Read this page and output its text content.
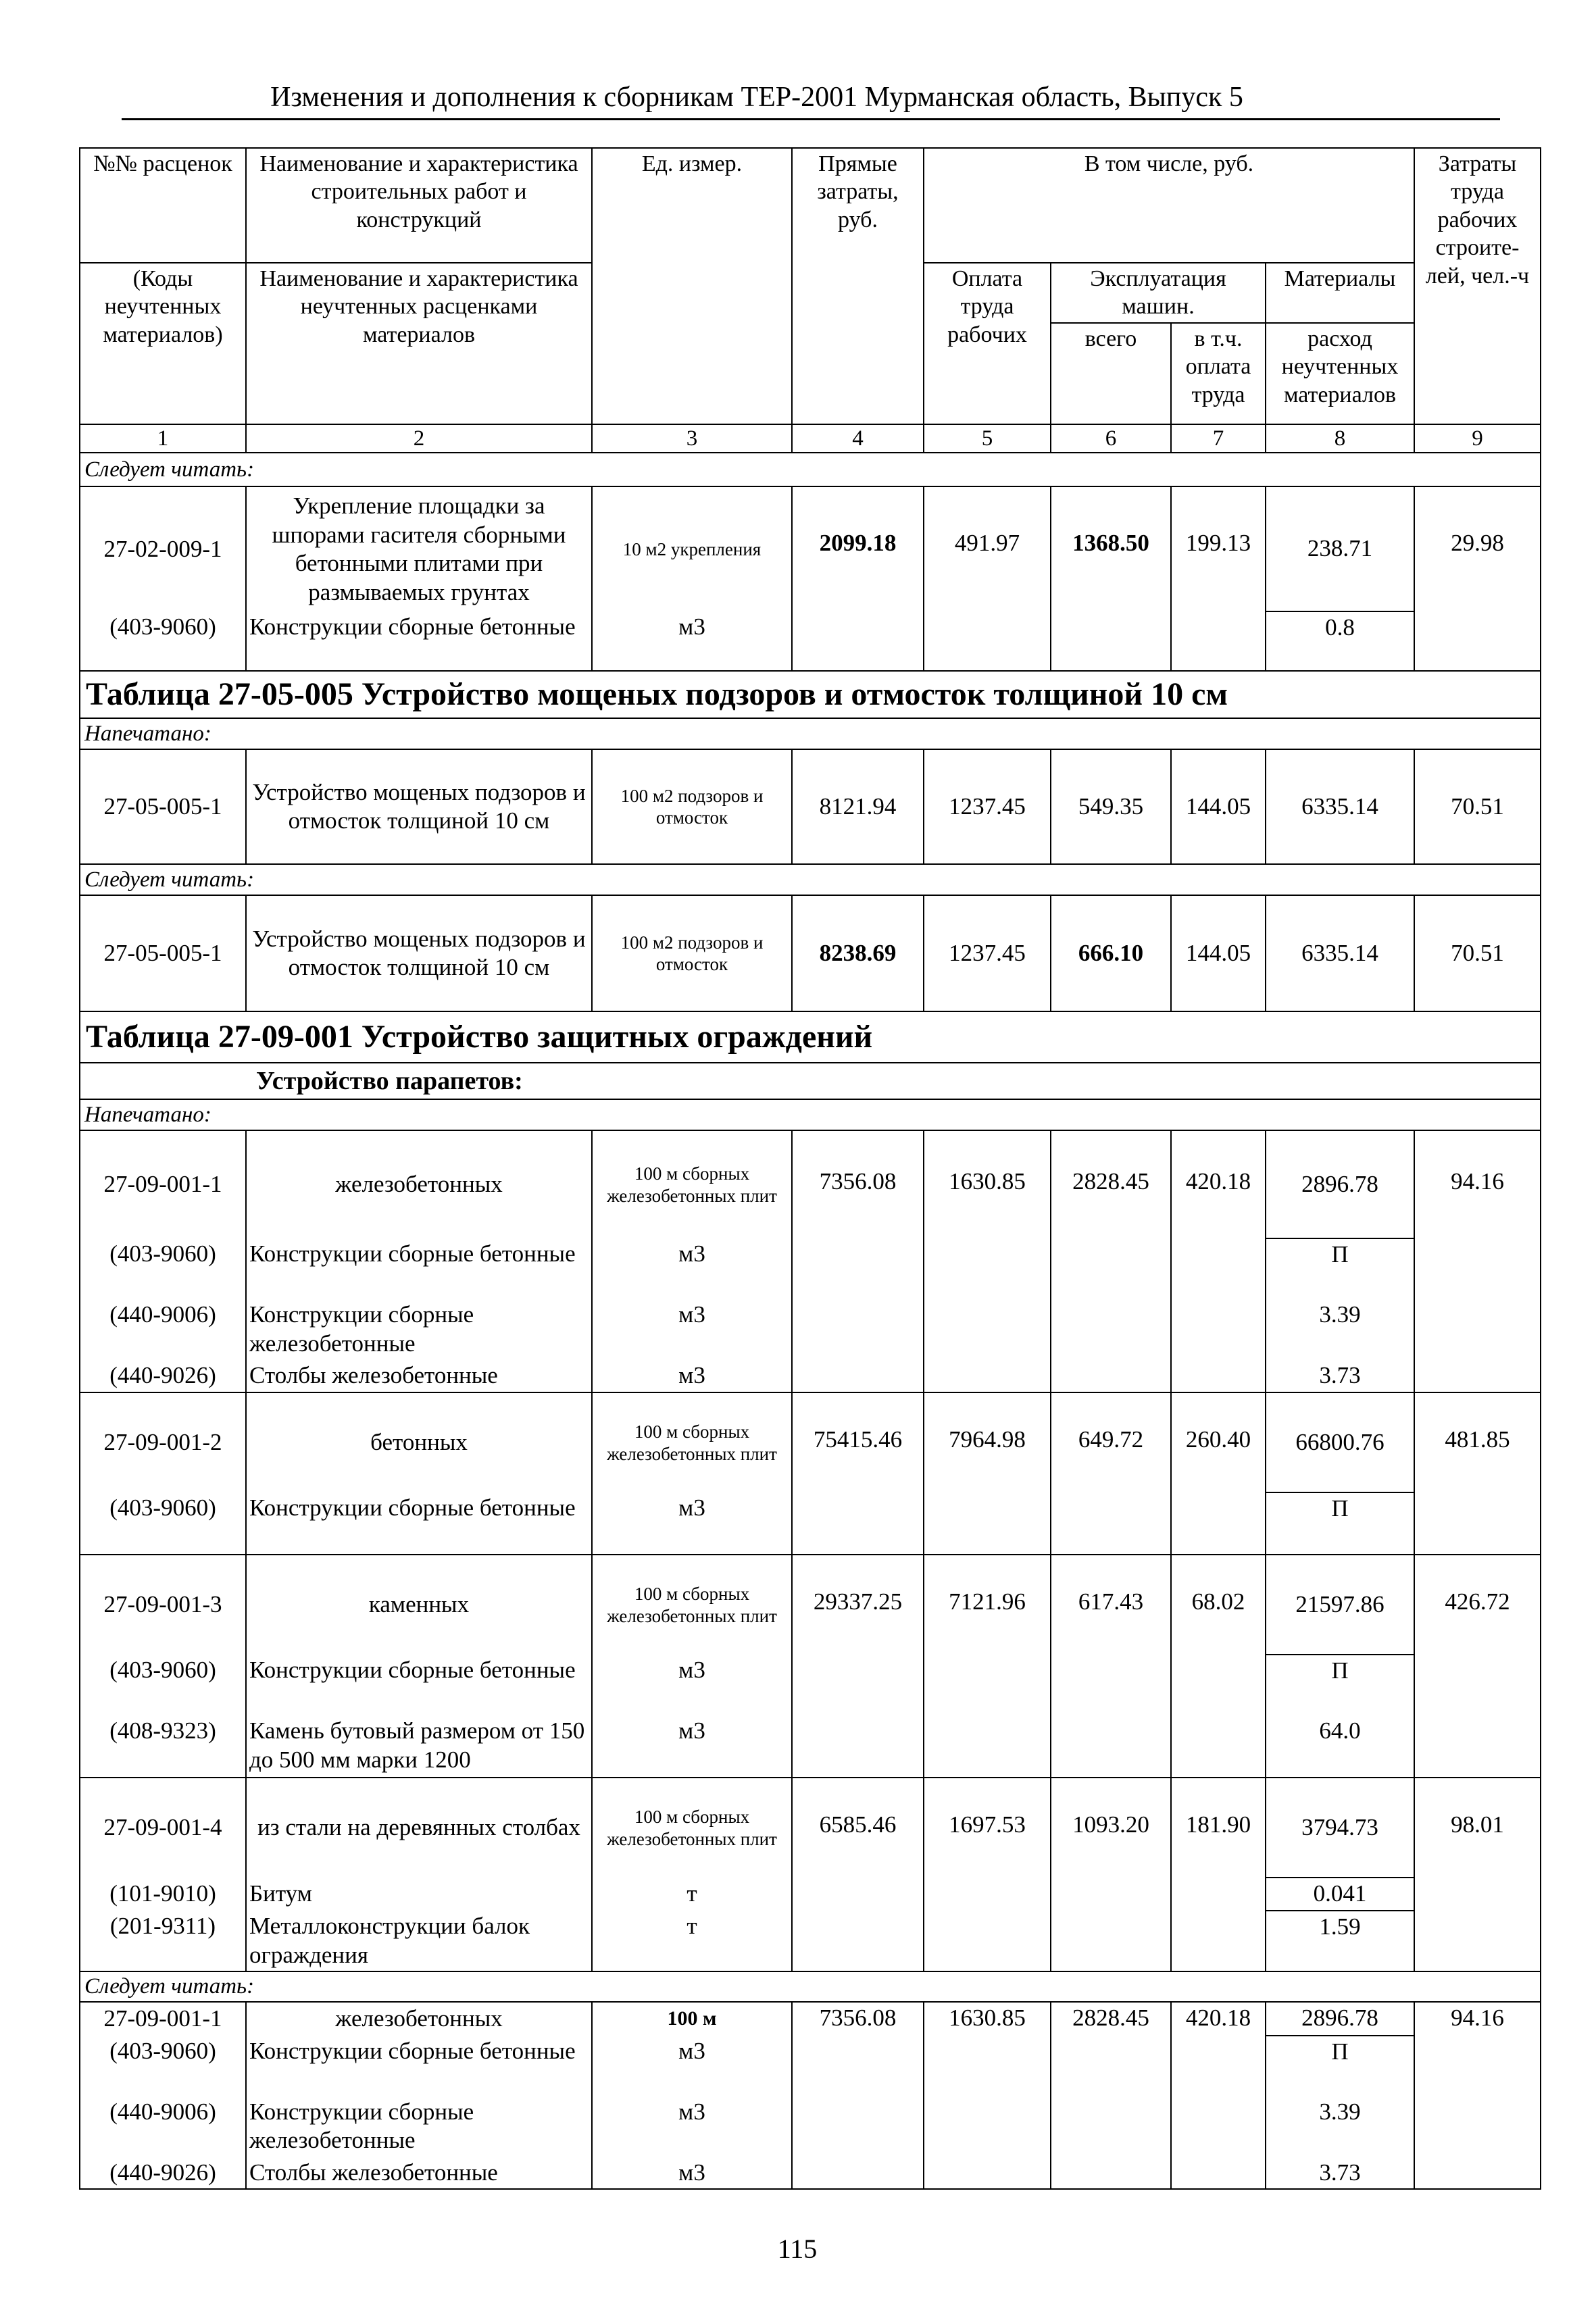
Изменения и дополнения к сборникам ТЕР-2001 Мурманская область, Выпуск 5
№№ расценок	Наименование и характеристика строительных работ и конструкций	Ед. измер.	Прямые затраты, руб.	В том числе, руб.				Затраты труда рабочих строите-лей, чел.-ч
				Оплата труда рабочих	Эксплуатация машин.		Материалы	
(Коды неучтенных материалов)	Наименование и характеристика неучтенных расценками материалов							
					всего	в т.ч. оплата труда	расход неучтенных материалов	
1	2	3	4	5	6	7	8	9
Следует читать:								
27-02-009-1	Укрепление площадки за шпорами гасителя сборными бетонными плитами при размываемых грунтах	10 м2 укрепления	2099.18	491.97	1368.50	199.13	238.71	29.98
(403-9060)	Конструкции сборные бетонные	м3					0.8	
Таблица 27-05-005 Устройство мощеных подзоров и отмосток толщиной 10 см								
Напечатано:								
27-05-005-1	Устройство мощеных подзоров и отмосток толщиной 10 см	100 м2 подзоров и отмосток	8121.94	1237.45	549.35	144.05	6335.14	70.51
Следует читать:								
27-05-005-1	Устройство мощеных подзоров и отмосток толщиной 10 см	100 м2 подзоров и отмосток	8238.69	1237.45	666.10	144.05	6335.14	70.51
Таблица 27-09-001 Устройство защитных ограждений								
Устройство парапетов:								
Напечатано:								
27-09-001-1	железобетонных	100 м сборных железобетонных плит	7356.08	1630.85	2828.45	420.18	2896.78	94.16
(403-9060)	Конструкции сборные бетонные	м3					П	
(440-9006)	Конструкции сборные железобетонные	м3					3.39	
(440-9026)	Столбы железобетонные	м3					3.73	
27-09-001-2	бетонных	100 м сборных железобетонных плит	75415.46	7964.98	649.72	260.40	66800.76	481.85
(403-9060)	Конструкции сборные бетонные	м3					П	
27-09-001-3	каменных	100 м сборных железобетонных плит	29337.25	7121.96	617.43	68.02	21597.86	426.72
(403-9060)	Конструкции сборные бетонные	м3					П	
(408-9323)	Камень бутовый размером от 150 до 500 мм марки 1200	м3					64.0	
27-09-001-4	из стали на деревянных столбах	100 м сборных железобетонных плит	6585.46	1697.53	1093.20	181.90	3794.73	98.01
(101-9010)	Битум	т					0.041	
(201-9311)	Металлоконструкции балок ограждения	т					1.59	
Следует читать:								
27-09-001-1	железобетонных	100 м	7356.08	1630.85	2828.45	420.18	2896.78	94.16
(403-9060)	Конструкции сборные бетонные	м3					П	
(440-9006)	Конструкции сборные железобетонные	м3					3.39	
(440-9026)	Столбы железобетонные	м3					3.73	
115
